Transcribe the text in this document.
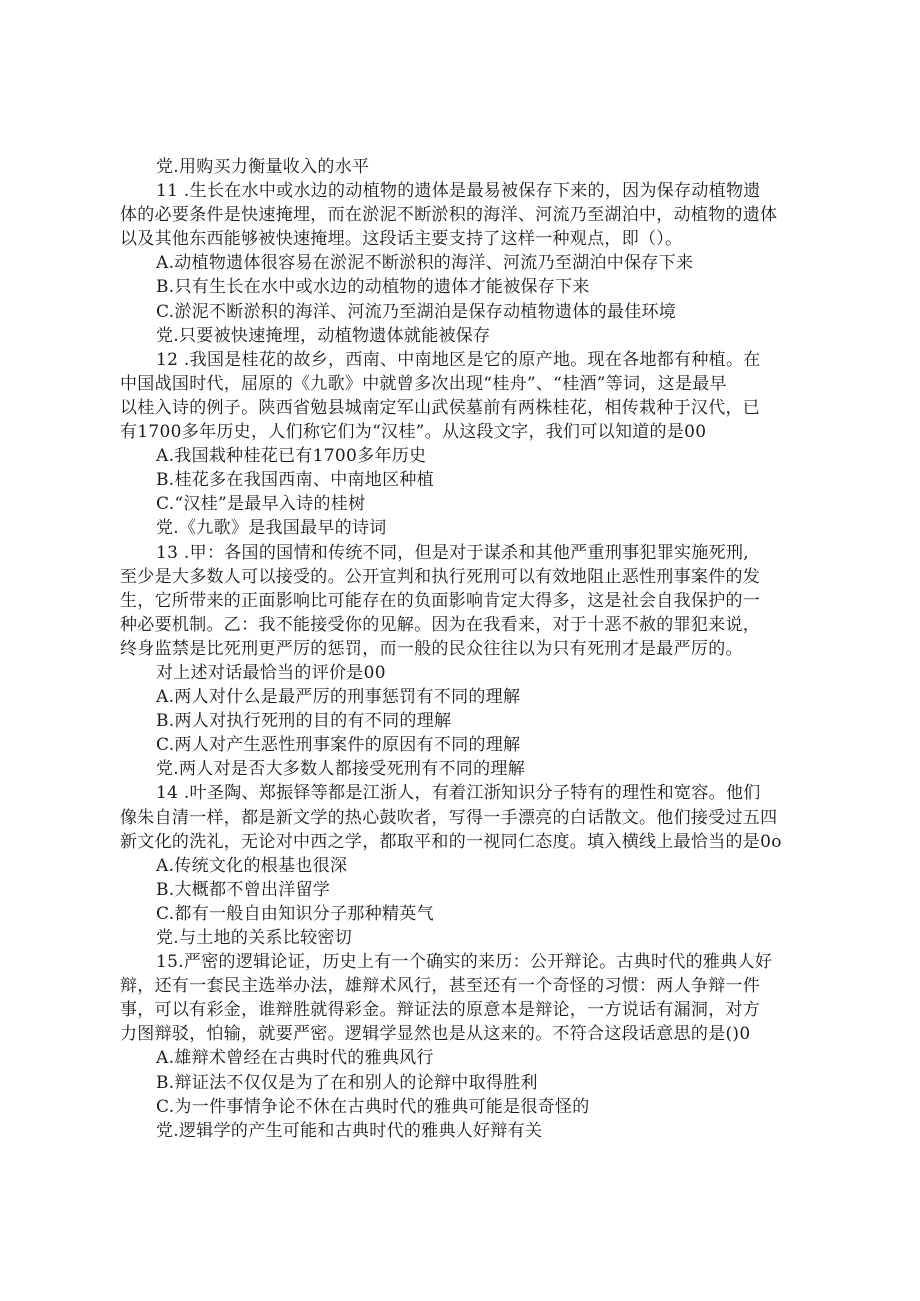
党.用购买力衡量收入的水平
11 .生长在水中或水边的动植物的遗体是最易被保存下来的，因为保存动植物遗
体的必要条件是快速掩埋，而在淤泥不断淤积的海洋、河流乃至湖泊中，动植物的遗体
以及其他东西能够被快速掩埋。这段话主要支持了这样一种观点，即（）。
A.动植物遗体很容易在淤泥不断淤积的海洋、河流乃至湖泊中保存下来
B.只有生长在水中或水边的动植物的遗体才能被保存下来
C.淤泥不断淤积的海洋、河流乃至湖泊是保存动植物遗体的最佳环境
党.只要被快速掩埋，动植物遗体就能被保存
12 .我国是桂花的故乡，西南、中南地区是它的原产地。现在各地都有种植。在
中国战国时代，屈原的《九歌》中就曾多次出现“桂舟”、“桂酒”等词，这是最早
以桂入诗的例子。陕西省勉县城南定军山武侯墓前有两株桂花，相传栽种于汉代，已
有1700多年历史，人们称它们为“汉桂”。从这段文字，我们可以知道的是00
A.我国栽种桂花已有1700多年历史
B.桂花多在我国西南、中南地区种植
C.“汉桂”是最早入诗的桂树
党.《九歌》是我国最早的诗词
13 .甲：各国的国情和传统不同，但是对于谋杀和其他严重刑事犯罪实施死刑,
至少是大多数人可以接受的。公开宣判和执行死刑可以有效地阻止恶性刑事案件的发
生，它所带来的正面影响比可能存在的负面影响肯定大得多，这是社会自我保护的一
种必要机制。乙：我不能接受你的见解。因为在我看来，对于十恶不赦的罪犯来说，
终身监禁是比死刑更严厉的惩罚，而一般的民众往往以为只有死刑才是最严厉的。
对上述对话最恰当的评价是00
A.两人对什么是最严厉的刑事惩罚有不同的理解
B.两人对执行死刑的目的有不同的理解
C.两人对产生恶性刑事案件的原因有不同的理解
党.两人对是否大多数人都接受死刑有不同的理解
14 .叶圣陶、郑振铎等都是江浙人，有着江浙知识分子特有的理性和宽容。他们
像朱自清一样，都是新文学的热心鼓吹者，写得一手漂亮的白话散文。他们接受过五四
新文化的洗礼，无论对中西之学，都取平和的一视同仁态度。填入横线上最恰当的是0o
A.传统文化的根基也很深
B.大概都不曾出洋留学
C.都有一般自由知识分子那种精英气
党.与土地的关系比较密切
15.严密的逻辑论证，历史上有一个确实的来历：公开辩论。古典时代的雅典人好
辩，还有一套民主选举办法，雄辩术风行，甚至还有一个奇怪的习惯：两人争辩一件
事，可以有彩金，谁辩胜就得彩金。辩证法的原意本是辩论，一方说话有漏洞，对方
力图辩驳，怕输，就要严密。逻辑学显然也是从这来的。不符合这段话意思的是()0
A.雄辩术曾经在古典时代的雅典风行
B.辩证法不仅仅是为了在和别人的论辩中取得胜利
C.为一件事情争论不休在古典时代的雅典可能是很奇怪的
党.逻辑学的产生可能和古典时代的雅典人好辩有关
